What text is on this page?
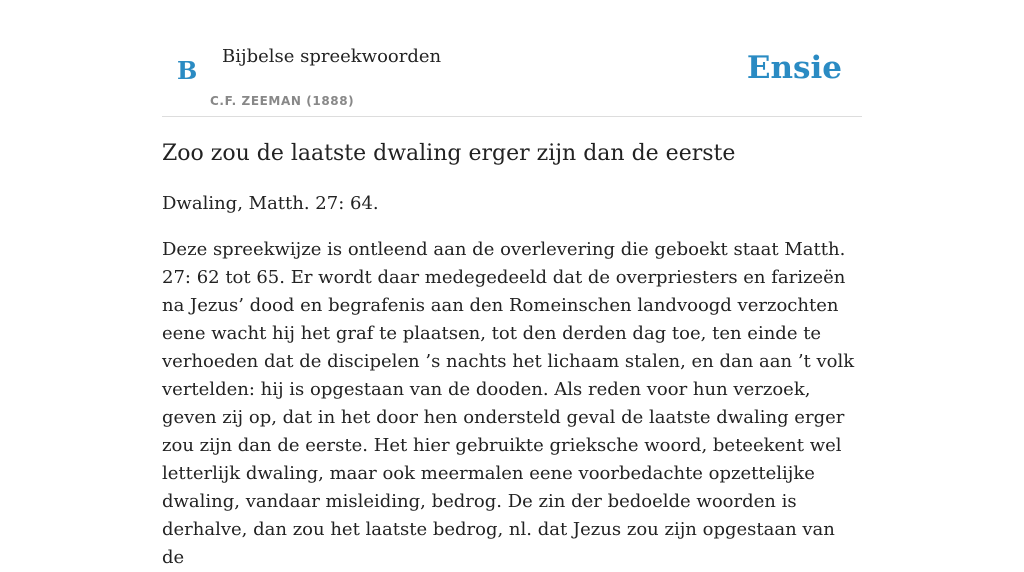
B Bijbelse spreekwoorden
C.F. ZEEMAN (1888)
Ensie
Zoo zou de laatste dwaling erger zijn dan de eerste

Dwaling, Matth. 27: 64.

Deze spreekwijze is ontleend aan de overlevering die geboekt staat Matth. 27: 62 tot 65. Er wordt daar medegedeeld dat de overpriesters en farizeën na Jezus’ dood en begrafenis aan den Romeinschen landvoogd verzochten eene wacht hij het graf te plaatsen, tot den derden dag toe, ten einde te verhoeden dat de discipelen ’s nachts het lichaam stalen, en dan aan ’t volk vertelden: hij is opgestaan van de dooden. Als reden voor hun verzoek, geven zij op, dat in het door hen ondersteld geval de laatste dwaling erger zou zijn dan de eerste. Het hier gebruikte grieksche woord, beteekent wel letterlijk dwaling, maar ook meermalen eene voorbedachte opzettelijke dwaling, vandaar misleiding, bedrog. De zin der bedoelde woorden is derhalve, dan zou het laatste bedrog, nl. dat Jezus zou zijn opgestaan van de
